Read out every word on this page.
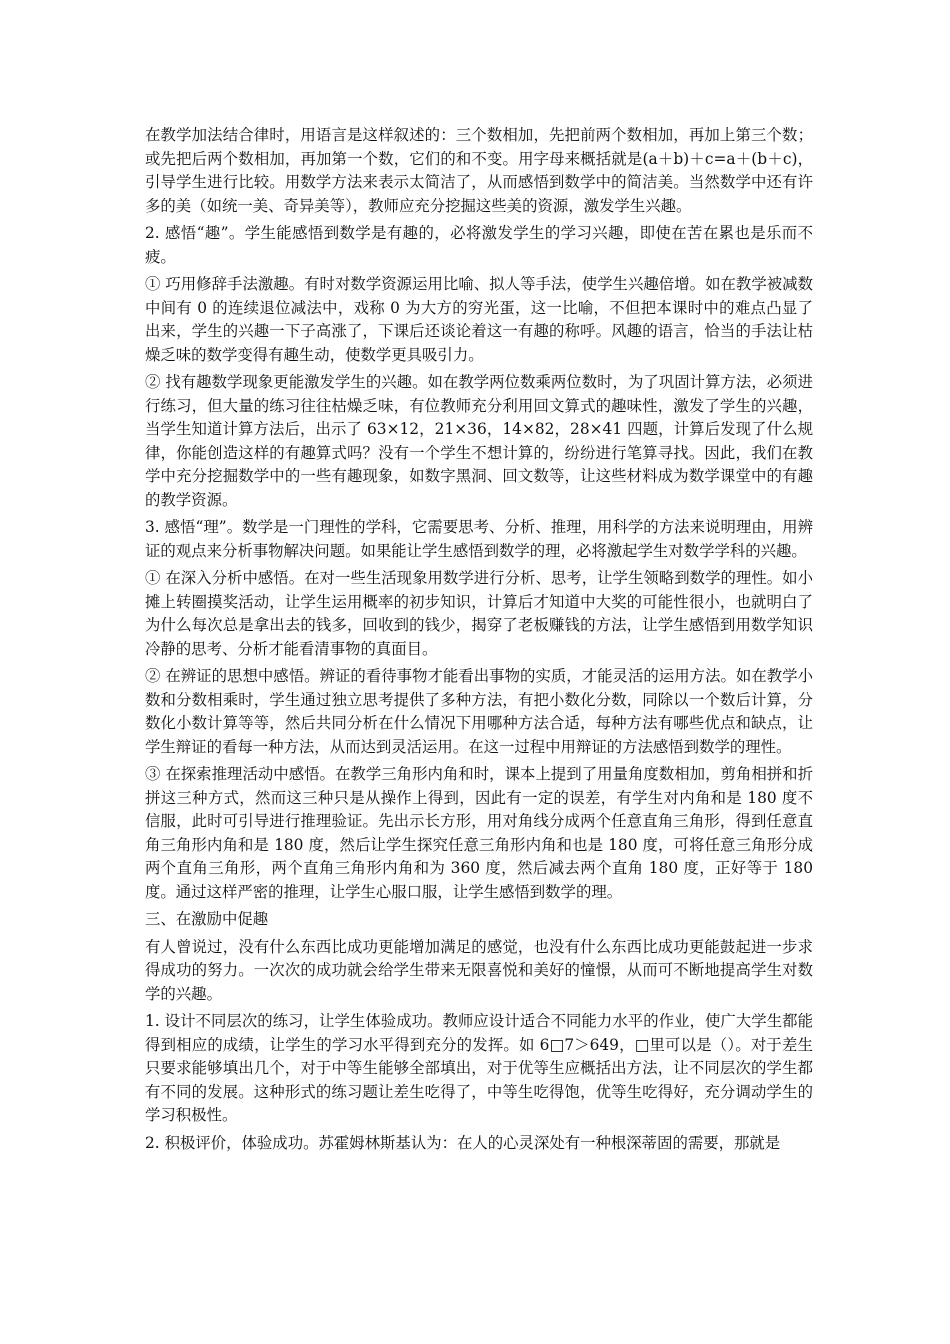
在教学加法结合律时，用语言是这样叙述的：三个数相加，先把前两个数相加，再加上第三个数；或先把后两个数相加，再加第一个数，它们的和不变。用字母来概括就是(a＋b)＋c=a＋(b＋c)，引导学生进行比较。用数学方法来表示太简洁了，从而感悟到数学中的简洁美。当然数学中还有许多的美（如统一美、奇异美等），教师应充分挖掘这些美的资源，激发学生兴趣。

2. 感悟“趣”。学生能感悟到数学是有趣的，必将激发学生的学习兴趣，即使在苦在累也是乐而不疲。

① 巧用修辞手法激趣。有时对数学资源运用比喻、拟人等手法，使学生兴趣倍增。如在教学被减数中间有 0 的连续退位减法中，戏称 0 为大方的穷光蛋，这一比喻，不但把本课时中的难点凸显了出来，学生的兴趣一下子高涨了，下课后还谈论着这一有趣的称呼。风趣的语言，恰当的手法让枯燥乏味的数学变得有趣生动，使数学更具吸引力。

② 找有趣数学现象更能激发学生的兴趣。如在教学两位数乘两位数时，为了巩固计算方法，必须进行练习，但大量的练习往往枯燥乏味，有位教师充分利用回文算式的趣味性，激发了学生的兴趣，当学生知道计算方法后，出示了 63×12，21×36，14×82，28×41 四题，计算后发现了什么规律，你能创造这样的有趣算式吗？没有一个学生不想计算的，纷纷进行笔算寻找。因此，我们在教学中充分挖掘数学中的一些有趣现象，如数字黑洞、回文数等，让这些材料成为数学课堂中的有趣的教学资源。

3. 感悟“理”。数学是一门理性的学科，它需要思考、分析、推理，用科学的方法来说明理由，用辨证的观点来分析事物解决问题。如果能让学生感悟到数学的理，必将激起学生对数学学科的兴趣。

① 在深入分析中感悟。在对一些生活现象用数学进行分析、思考，让学生领略到数学的理性。如小摊上转圈摸奖活动，让学生运用概率的初步知识，计算后才知道中大奖的可能性很小，也就明白了为什么每次总是拿出去的钱多，回收到的钱少，揭穿了老板赚钱的方法，让学生感悟到用数学知识冷静的思考、分析才能看清事物的真面目。

② 在辨证的思想中感悟。辨证的看待事物才能看出事物的实质，才能灵活的运用方法。如在教学小数和分数相乘时，学生通过独立思考提供了多种方法，有把小数化分数，同除以一个数后计算，分数化小数计算等等，然后共同分析在什么情况下用哪种方法合适，每种方法有哪些优点和缺点，让学生辩证的看每一种方法，从而达到灵活运用。在这一过程中用辩证的方法感悟到数学的理性。

③ 在探索推理活动中感悟。在教学三角形内角和时，课本上提到了用量角度数相加，剪角相拼和折拼这三种方式，然而这三种只是从操作上得到，因此有一定的误差，有学生对内角和是 180 度不信服，此时可引导进行推理验证。先出示长方形，用对角线分成两个任意直角三角形，得到任意直角三角形内角和是 180 度，然后让学生探究任意三角形内角和也是 180 度，可将任意三角形分成两个直角三角形，两个直角三角形内角和为 360 度，然后减去两个直角 180 度，正好等于 180 度。通过这样严密的推理，让学生心服口服，让学生感悟到数学的理。

三、在激励中促趣

有人曾说过，没有什么东西比成功更能增加满足的感觉，也没有什么东西比成功更能鼓起进一步求得成功的努力。一次次的成功就会给学生带来无限喜悦和美好的憧憬，从而可不断地提高学生对数学的兴趣。

1. 设计不同层次的练习，让学生体验成功。教师应设计适合不同能力水平的作业，使广大学生都能得到相应的成绩，让学生的学习水平得到充分的发挥。如 6□7＞649，□里可以是（）。对于差生只要求能够填出几个，对于中等生能够全部填出，对于优等生应概括出方法，让不同层次的学生都有不同的发展。这种形式的练习题让差生吃得了，中等生吃得饱，优等生吃得好，充分调动学生的学习积极性。

2. 积极评价，体验成功。苏霍姆林斯基认为：在人的心灵深处有一种根深蒂固的需要，那就是
